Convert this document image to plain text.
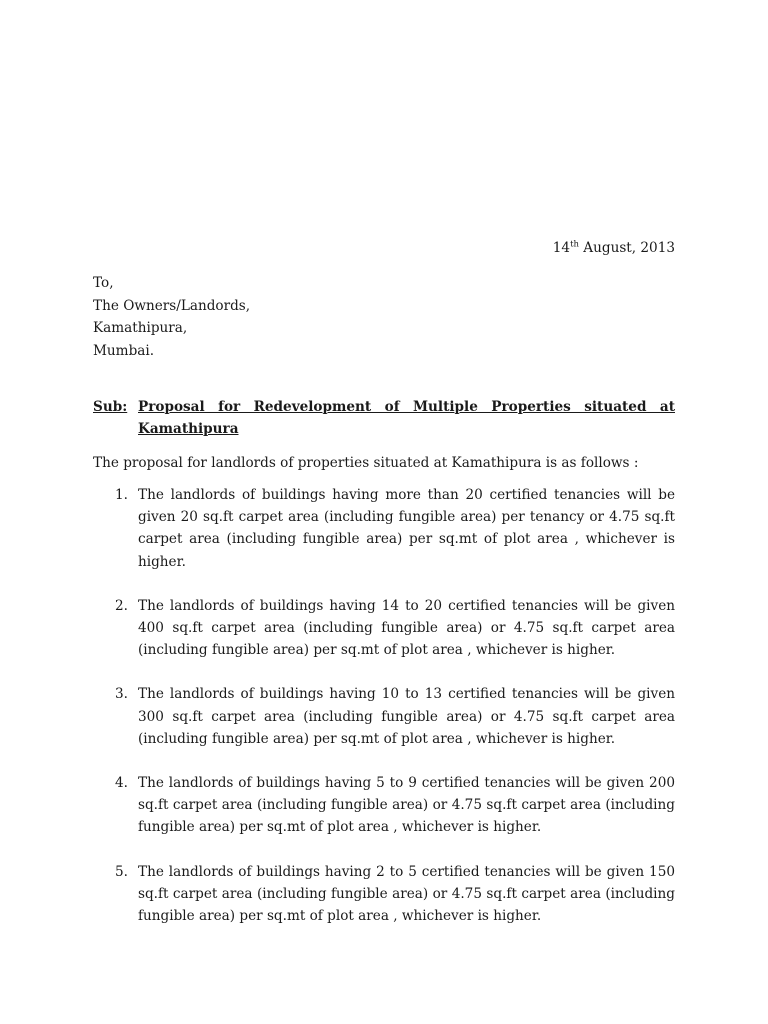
14th August, 2013
To,
The Owners/Landords,
Kamathipura,
Mumbai.
Sub: Proposal for Redevelopment of Multiple Properties situated at Kamathipura
The proposal for landlords of properties situated at Kamathipura is as follows :
1. The landlords of buildings having more than 20 certified tenancies will be given 20 sq.ft carpet area (including fungible area) per tenancy or 4.75 sq.ft carpet area (including fungible area) per sq.mt of plot area , whichever is higher.
2. The landlords of buildings having 14 to 20 certified tenancies will be given 400 sq.ft carpet area (including fungible area) or 4.75 sq.ft carpet area (including fungible area) per sq.mt of plot area , whichever is higher.
3. The landlords of buildings having 10 to 13 certified tenancies will be given 300 sq.ft carpet area (including fungible area) or 4.75 sq.ft carpet area (including fungible area) per sq.mt of plot area , whichever is higher.
4. The landlords of buildings having 5 to 9 certified tenancies will be given 200 sq.ft carpet area (including fungible area) or 4.75 sq.ft carpet area (including fungible area) per sq.mt of plot area , whichever is higher.
5. The landlords of buildings having 2 to 5 certified tenancies will be given 150 sq.ft carpet area (including fungible area) or 4.75 sq.ft carpet area (including fungible area) per sq.mt of plot area , whichever is higher.
